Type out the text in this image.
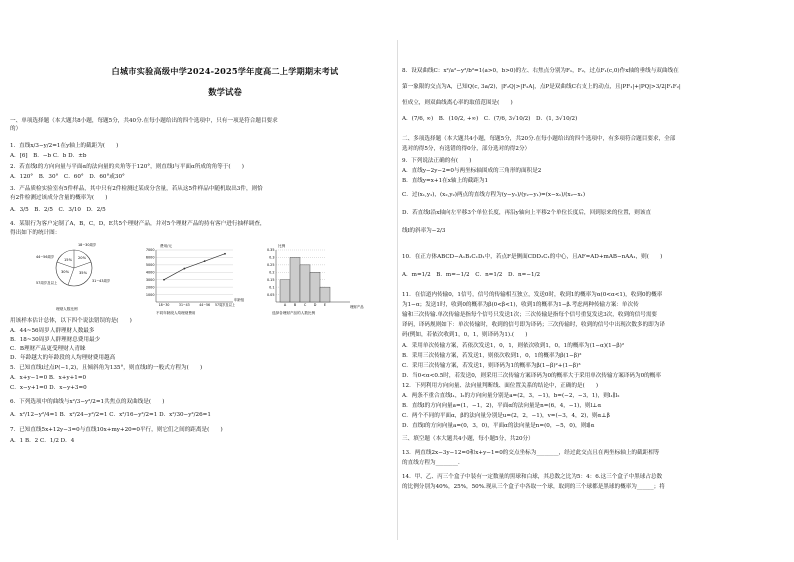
白城市实验高级中学2024-2025学年度高二上学期期末考试
数学试卷
一、单项选择题（本大题共8小题，每题5分，共40分.在每小题给出的四个选项中，只有一项是符合题目要求
的）
1．直线x/3−y/2=1在y轴上的截距为(　　)
A．[6]　B．−b C．b D．±b
2．若直线l的方向向量与平面α的法向量的夹角等于120°，则直线l与平面α所成的角等于(　　)
A．120°　B．30°　C．60°　D．60°或30°
3．产品质检实验室有5件样品，其中只有2件检测过某成分含量，若从这5件样品中随机取出3件，则恰
有2件检测过该成分含量的概率为(　　)
A．3/5　B．2/5　C．3/10　D．2/5
4．某银行为客户定制了A，B，C，D，E共5个理财产品，并对5个理财产品的持有客户进行抽样调查，
得出如下的统计图：
用该样本估计总体，以下四个说法错误的是(　　)
A．44~56周岁人群理财人数最多
B．18~30周岁人群理财总费用最少
C．B理财产品更受理财人青睐
D．年龄越大的年龄段的人均理财费用越高
5．已知直线l过点P(−1,2)，且倾斜角为135°，则直线l的一般式方程为(　　)
A．x+y−1=0 B．x+y+1=0
C．x−y+1=0 D．x−y+3=0
6．下列选项中的曲线与x²/3−y²/2=1共焦点的双曲线是(　　)
A．x²/12−y²/4=1 B．x²/24−y²/2=1 C．x²/16−y²/2=1 D．x²/30−y²/26=1
7．已知直线5x+12y−3=0与直线10x+my+20=0平行，则它们之间的距离是(　　)
A．1 B．2 C．1/2 D．4
20%
35%
30%
15%
18~30周岁
31~43周岁
44~56周岁
57周岁及以上
理财人数比例
费用/元
7000
6000
5000
4000
3000
2000
1000
18~30	31~43	44~56 57周岁及以上
年龄组
不同年龄段人均理财费用
比例
0.35
0.3
0.25
0.2
0.15
0.1
0.05
A B C D E	理财产品
选择各理财产品的人数比例
8．设双曲线C：x²/a²−y²/b²=1(a>0，b>0)的左、右焦点分别为F₁，F₂，过点F₁(c,0)作x轴的垂线与双曲线在
第一象限的交点为A，已知Q(c, 3a/2)，|F₂Q|>|F₂A|，点P是双曲线C右支上的动点，且|PF₁|+|PQ|>3/2|F₁F₂|
恒成立，则双曲线离心率的取值范围是(　　)
A．(7/6, ∞)　B．(10/2, +∞)　C．(7/6, 3√10/2)　D．(1, 3√10/2)
二、多项选择题（本大题共4小题，每题5分，共20分.在每小题给出的四个选项中，有多项符合题目要求，全部
选对的得5分，有选错的得0分，部分选对的得2分）
9．下列说法正确的有(　　)
A．直线y−2y−2=0与两坐标轴围成的三角形的面积是2
B．直线y=x+1在x轴上的截距为1
C．过(x₁,y₁)，(x₂,y₂)两点的直线方程为(y−y₁)/(y₂−y₁)=(x−x₁)/(x₂−x₁)
D．若直线l沿x轴向左平移3个单位长度，再沿y轴向上平移2个单位长度后，回到原来的位置，则该直
线l的斜率为−2/3
10．在正方体ABCD−A₁B₁C₁D₁中，若点F是侧面CDD₁C₁的中心，且AF=AD+mAB−nAA₁，则(　　)
A．m=1/2　B．m=−1/2　C．n=1/2　D．n=−1/2
11．在信道内传输0，1信号，信号的传输相互独立，发送0时，收到1的概率为α(0<α<1)，收到0的概率
为1−α；发送1时，收到0的概率为β(0<β<1)，收到1的概率为1−β.考虑两种传输方案：单次传
输和三次传输.单次传输是指每个信号只发送1次；三次传输是指每个信号重复发送3次，收到的信号需要
译码，译码规则如下：单次传输时，收到的信号即为译码；三次传输时，收到的信号中出现次数多的即为译
码(例如，若依次收到1，0，1，则译码为1).(　　)
A．采用单次传输方案，若依次发送1，0，1，则依次收到1，0，1的概率为(1−α)(1−β)²
B．采用三次传输方案，若发送1，则依次收到1，0，1的概率为β(1−β)²
C．采用三次传输方案，若发送1，则译码为1的概率为β(1−β)²+(1−β)³
D．当0<α<0.5时，若发送0，则采用三次传输方案译码为0的概率大于采用单次传输方案译码为0的概率
12．下列利用方向向量、法向量判断线、面位置关系的结论中，正确的是(　　)
A．两条不重合直线l₁，l₂的方向向量分别是a=(2，3，−1)，b=(−2，−3，1)，则l₁∥l₂
B．直线l的方向向量a=(1，−1，2)，平面α的法向量是n=(6，4，−1)，则l⊥α
C．两个不同的平面α，β的法向量分别是u=(2，2，−1)，v=(−3，4，2)，则α⊥β
D．直线l的方向向量a=(0，3，0)，平面α的法向量是n=(0，−5，0)，则l∥α
三、填空题（本大题共4小题，每小题5分，共20分）
13．两直线2x−3y−12=0和x+y−1=0的交点坐标为________，经过此交点且在两坐标轴上的截距相等
的直线方程为________.
14．甲、乙、丙三个盒子中装有一定数量的黑球和白球，其总数之比为5：4：6.这三个盒子中黑球占总数
的比例分别为40%，25%，50%.现从三个盒子中各取一个球，取到的三个球都是黑球的概率为______；将
